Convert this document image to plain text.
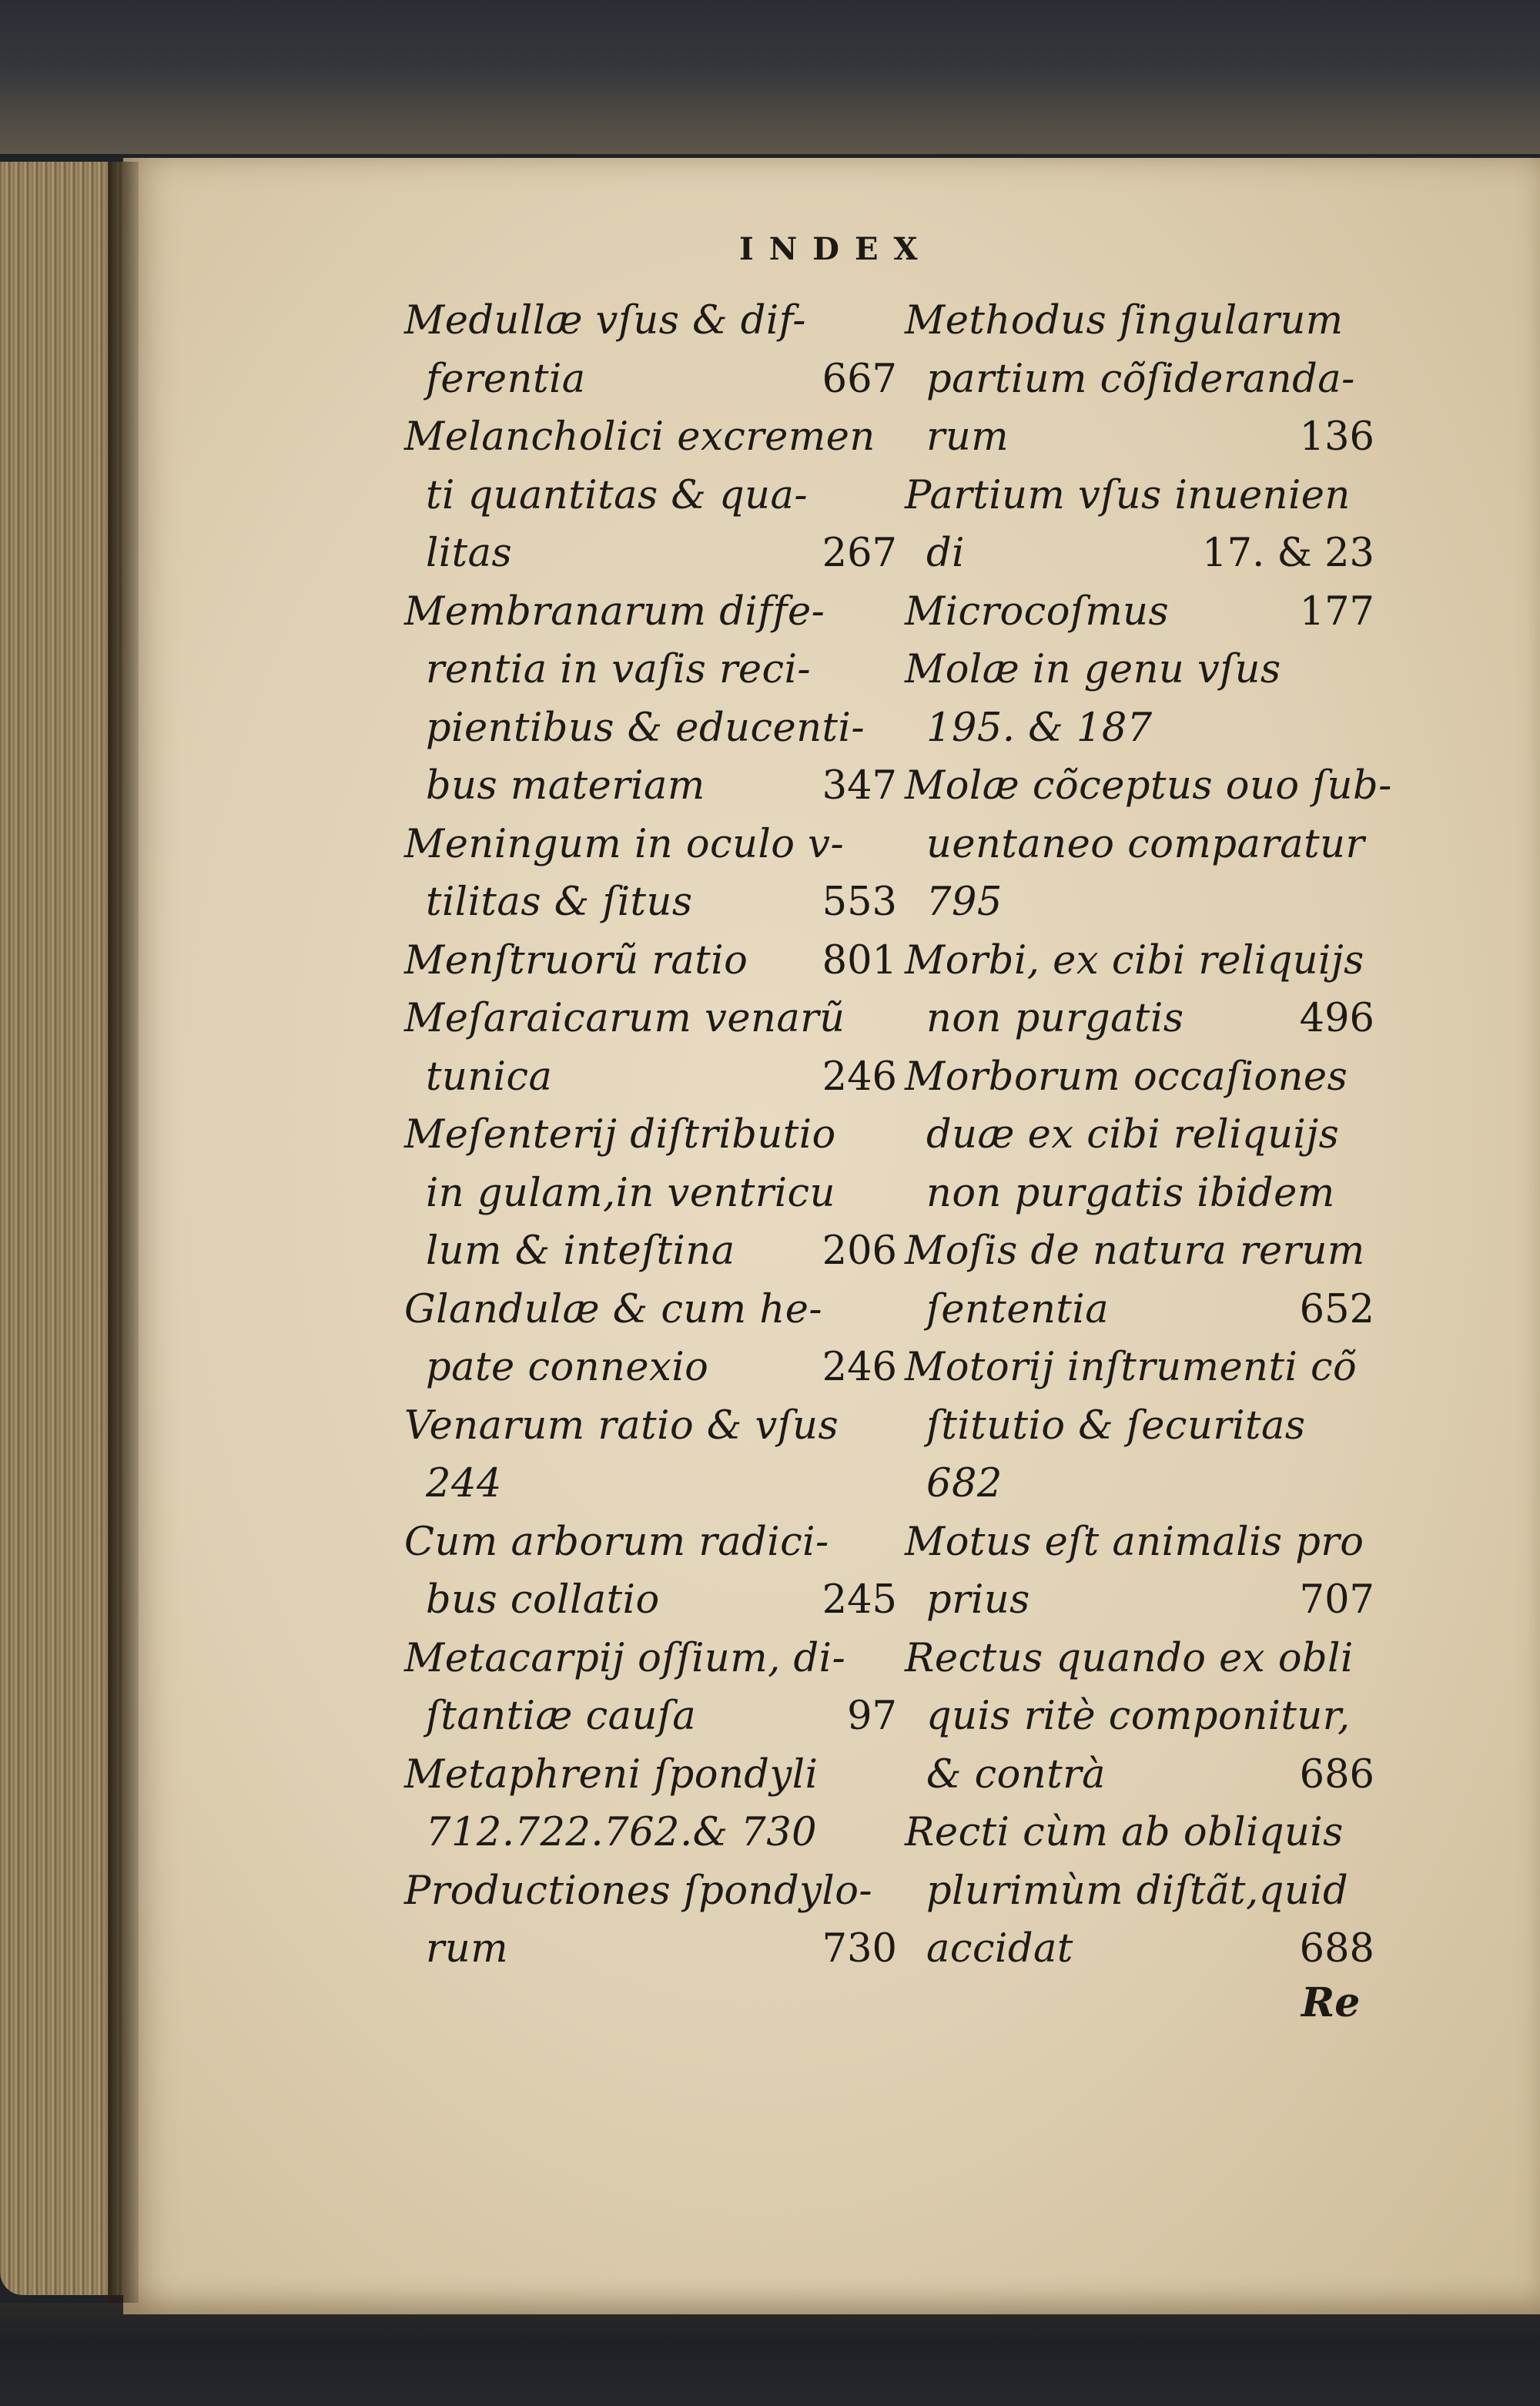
INDEX
Medullæ vſus & dif-
ferentia	667
Melancholici excremen
ti quantitas & qua-
litas	267
Membranarum diffe-
rentia in vaſis reci-
pientibus & educenti-
bus materiam	347
Meningum in oculo v-
tilitas & ſitus	553
Menſtruorũ ratio 801
Meſaraicarum venarũ
tunica	246
Meſenterij diſtributio
in gulam,in ventricu
lum & inteſtina 206
Glandulæ & cum he-
pate connexio	246
Venarum ratio & vſus
244
Cum arborum radici-
bus collatio	245
Metacarpij oſſium, di-
ſtantiæ cauſa	97
Metaphreni ſpondyli
712.722.762.& 730
Productiones ſpondylo-
rum	730
Methodus ſingularum
partium cõſideranda-
rum	136
Partium vſus inuenien
di	17. & 23
Microcoſmus	177
Molæ in genu vſus
195. & 187
Molæ cõceptus ouo ſub-
uentaneo comparatur
795
Morbi, ex cibi reliquijs
non purgatis	496
Morborum occaſiones
duæ ex cibi reliquijs
non purgatis ibidem
Moſis de natura rerum
ſententia	652
Motorij inſtrumenti cõ
ſtitutio & ſecuritas
682
Motus eſt animalis pro
prius	707
Rectus quando ex obli
quis ritè componitur,
& contrà	686
Recti cùm ab obliquis
plurimùm diſtãt,quid
accidat	688
Re
